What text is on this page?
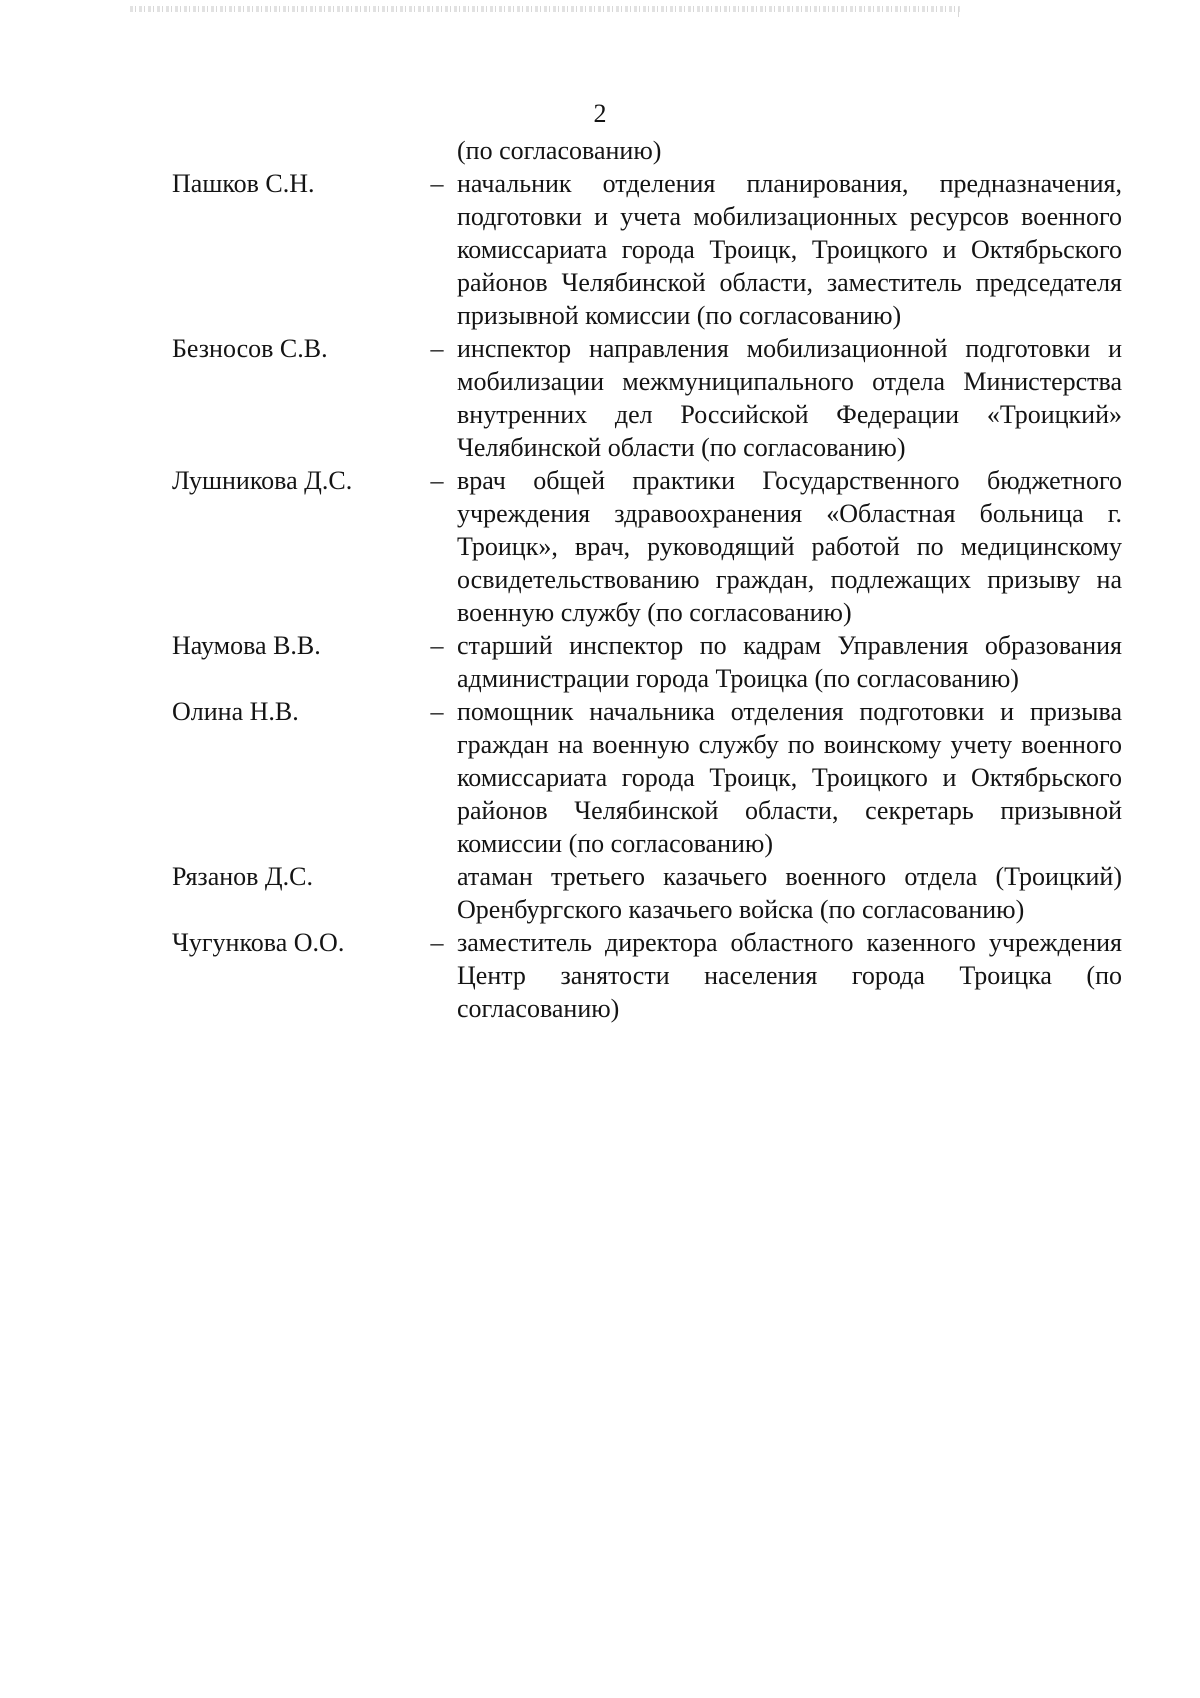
2
(по согласованию)
Пашков С.Н.	– начальник отделения планирования, предназначения, подготовки и учета мобилизационных ресурсов военного комиссариата города Троицк, Троицкого и Октябрьского районов Челябинской области, заместитель председателя призывной комиссии (по согласованию)
Безносов С.В.	– инспектор направления мобилизационной подготовки и мобилизации межмуниципального отдела Министерства внутренних дел Российской Федерации «Троицкий» Челябинской области (по согласованию)
Лушникова Д.С.	– врач общей практики Государственного бюджетного учреждения здравоохранения «Областная больница г. Троицк», врач, руководящий работой по медицинскому освидетельствованию граждан, подлежащих призыву на военную службу (по согласованию)
Наумова В.В.	– старший инспектор по кадрам Управления образования администрации города Троицка (по согласованию)
Олина Н.В.	– помощник начальника отделения подготовки и призыва граждан на военную службу по воинскому учету военного комиссариата города Троицк, Троицкого и Октябрьского районов Челябинской области, секретарь призывной комиссии (по согласованию)
Рязанов Д.С.	атаман третьего казачьего военного отдела (Троицкий) Оренбургского казачьего войска (по согласованию)
Чугункова О.О.	– заместитель директора областного казенного учреждения Центр занятости населения города Троицка (по согласованию)
